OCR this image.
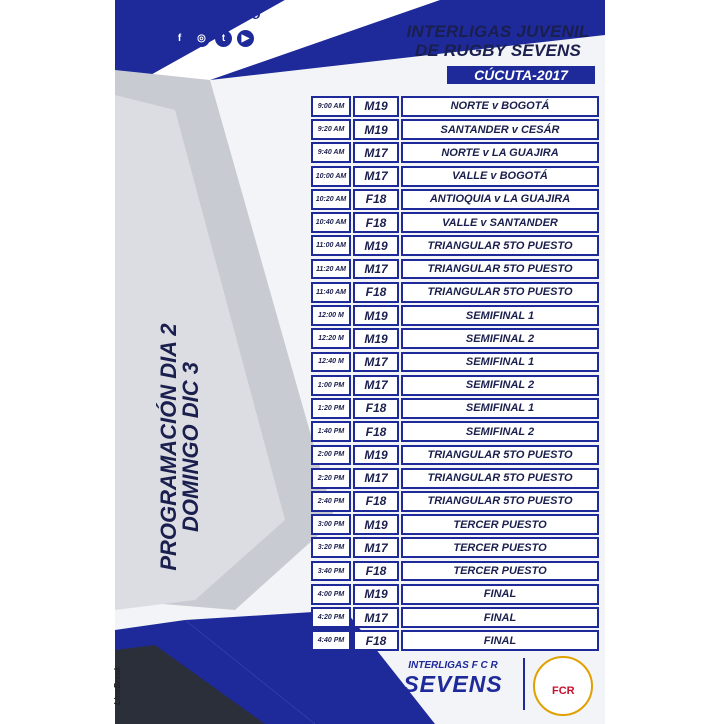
fecorugby.co
f	◎	t	▶	INTERLIGAS JUVENIL
DE RUGBY SEVENS
CÚCUTA-2017
PROGRAMACIÓN DIA 2
DOMINGO DIC 3
9:00 AM	M19	NORTE v BOGOTÁ
9:20 AM	M19	SANTANDER v CESÁR
9:40 AM	M17	NORTE v LA GUAJIRA
10:00 AM	M17	VALLE v BOGOTÁ
10:20 AM	F18	ANTIOQUIA v LA GUAJIRA
10:40 AM	F18	VALLE v SANTANDER
11:00 AM	M19	TRIANGULAR 5TO PUESTO
11:20 AM	M17	TRIANGULAR 5TO PUESTO
11:40 AM	F18	TRIANGULAR 5TO PUESTO
12:00 M	M19	SEMIFINAL 1
12:20 M	M19	SEMIFINAL 2
12:40 M	M17	SEMIFINAL 1
1:00 PM	M17	SEMIFINAL 2
1:20 PM	F18	SEMIFINAL 1
1:40 PM	F18	SEMIFINAL 2
2:00 PM	M19	TRIANGULAR 5TO PUESTO
2:20 PM	M17	TRIANGULAR 5TO PUESTO
2:40 PM	F18	TRIANGULAR 5TO PUESTO
3:00 PM	M19	TERCER PUESTO
3:20 PM	M17	TERCER PUESTO
3:40 PM	F18	TERCER PUESTO
4:00 PM	M19	FINAL
4:20 PM	M17	FINAL
4:40 PM	F18	FINAL
INTERLIGAS F C R
SEVENS	FCR
LineBreak
